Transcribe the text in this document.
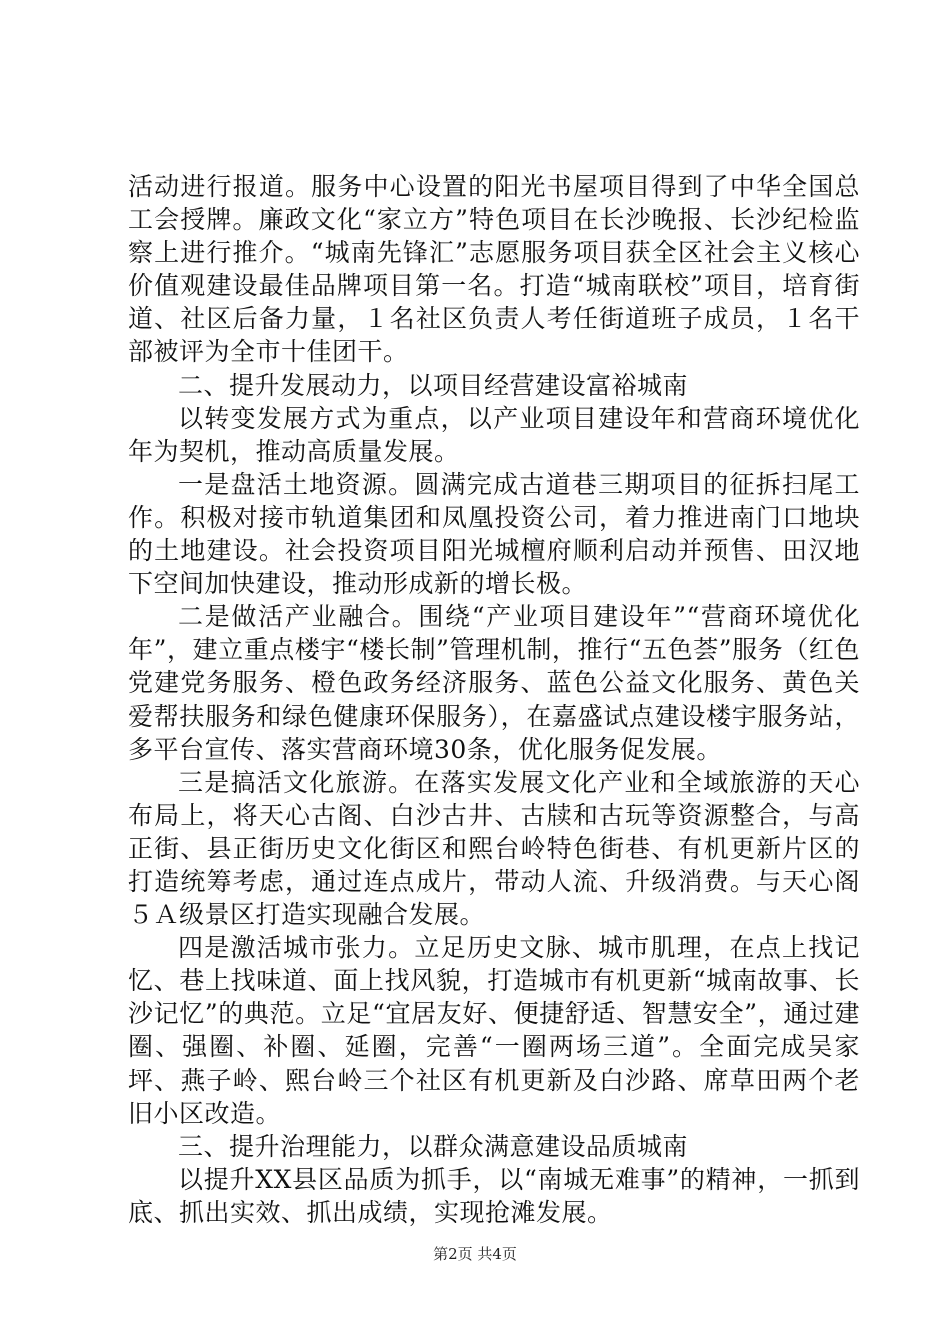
活动进行报道。服务中心设置的阳光书屋项目得到了中华全国总工会授牌。廉政文化“家立方”特色项目在长沙晚报、长沙纪检监察上进行推介。“城南先锋汇”志愿服务项目获全区社会主义核心价值观建设最佳品牌项目第一名。打造“城南联校”项目，培育街道、社区后备力量，１名社区负责人考任街道班子成员，１名干部被评为全市十佳团干。

二、提升发展动力，以项目经营建设富裕城南

以转变发展方式为重点，以产业项目建设年和营商环境优化年为契机，推动高质量发展。

一是盘活土地资源。圆满完成古道巷三期项目的征拆扫尾工作。积极对接市轨道集团和凤凰投资公司，着力推进南门口地块的土地建设。社会投资项目阳光城檀府顺利启动并预售、田汉地下空间加快建设，推动形成新的增长极。

二是做活产业融合。围绕“产业项目建设年”“营商环境优化年”，建立重点楼宇“楼长制”管理机制，推行“五色荟”服务（红色党建党务服务、橙色政务经济服务、蓝色公益文化服务、黄色关爱帮扶服务和绿色健康环保服务），在嘉盛试点建设楼宇服务站，多平台宣传、落实营商环境30条，优化服务促发展。

三是搞活文化旅游。在落实发展文化产业和全域旅游的天心布局上，将天心古阁、白沙古井、古牍和古玩等资源整合，与高正街、县正街历史文化街区和熙台岭特色街巷、有机更新片区的打造统筹考虑，通过连点成片，带动人流、升级消费。与天心阁５Ａ级景区打造实现融合发展。

四是激活城市张力。立足历史文脉、城市肌理，在点上找记忆、巷上找味道、面上找风貌，打造城市有机更新“城南故事、长沙记忆”的典范。立足“宜居友好、便捷舒适、智慧安全”，通过建圈、强圈、补圈、延圈，完善“一圈两场三道”。全面完成吴家坪、燕子岭、熙台岭三个社区有机更新及白沙路、席草田两个老旧小区改造。

三、提升治理能力，以群众满意建设品质城南

以提升XX县区品质为抓手，以“南城无难事”的精神，一抓到底、抓出实效、抓出成绩，实现抢滩发展。

第2页 共4页
